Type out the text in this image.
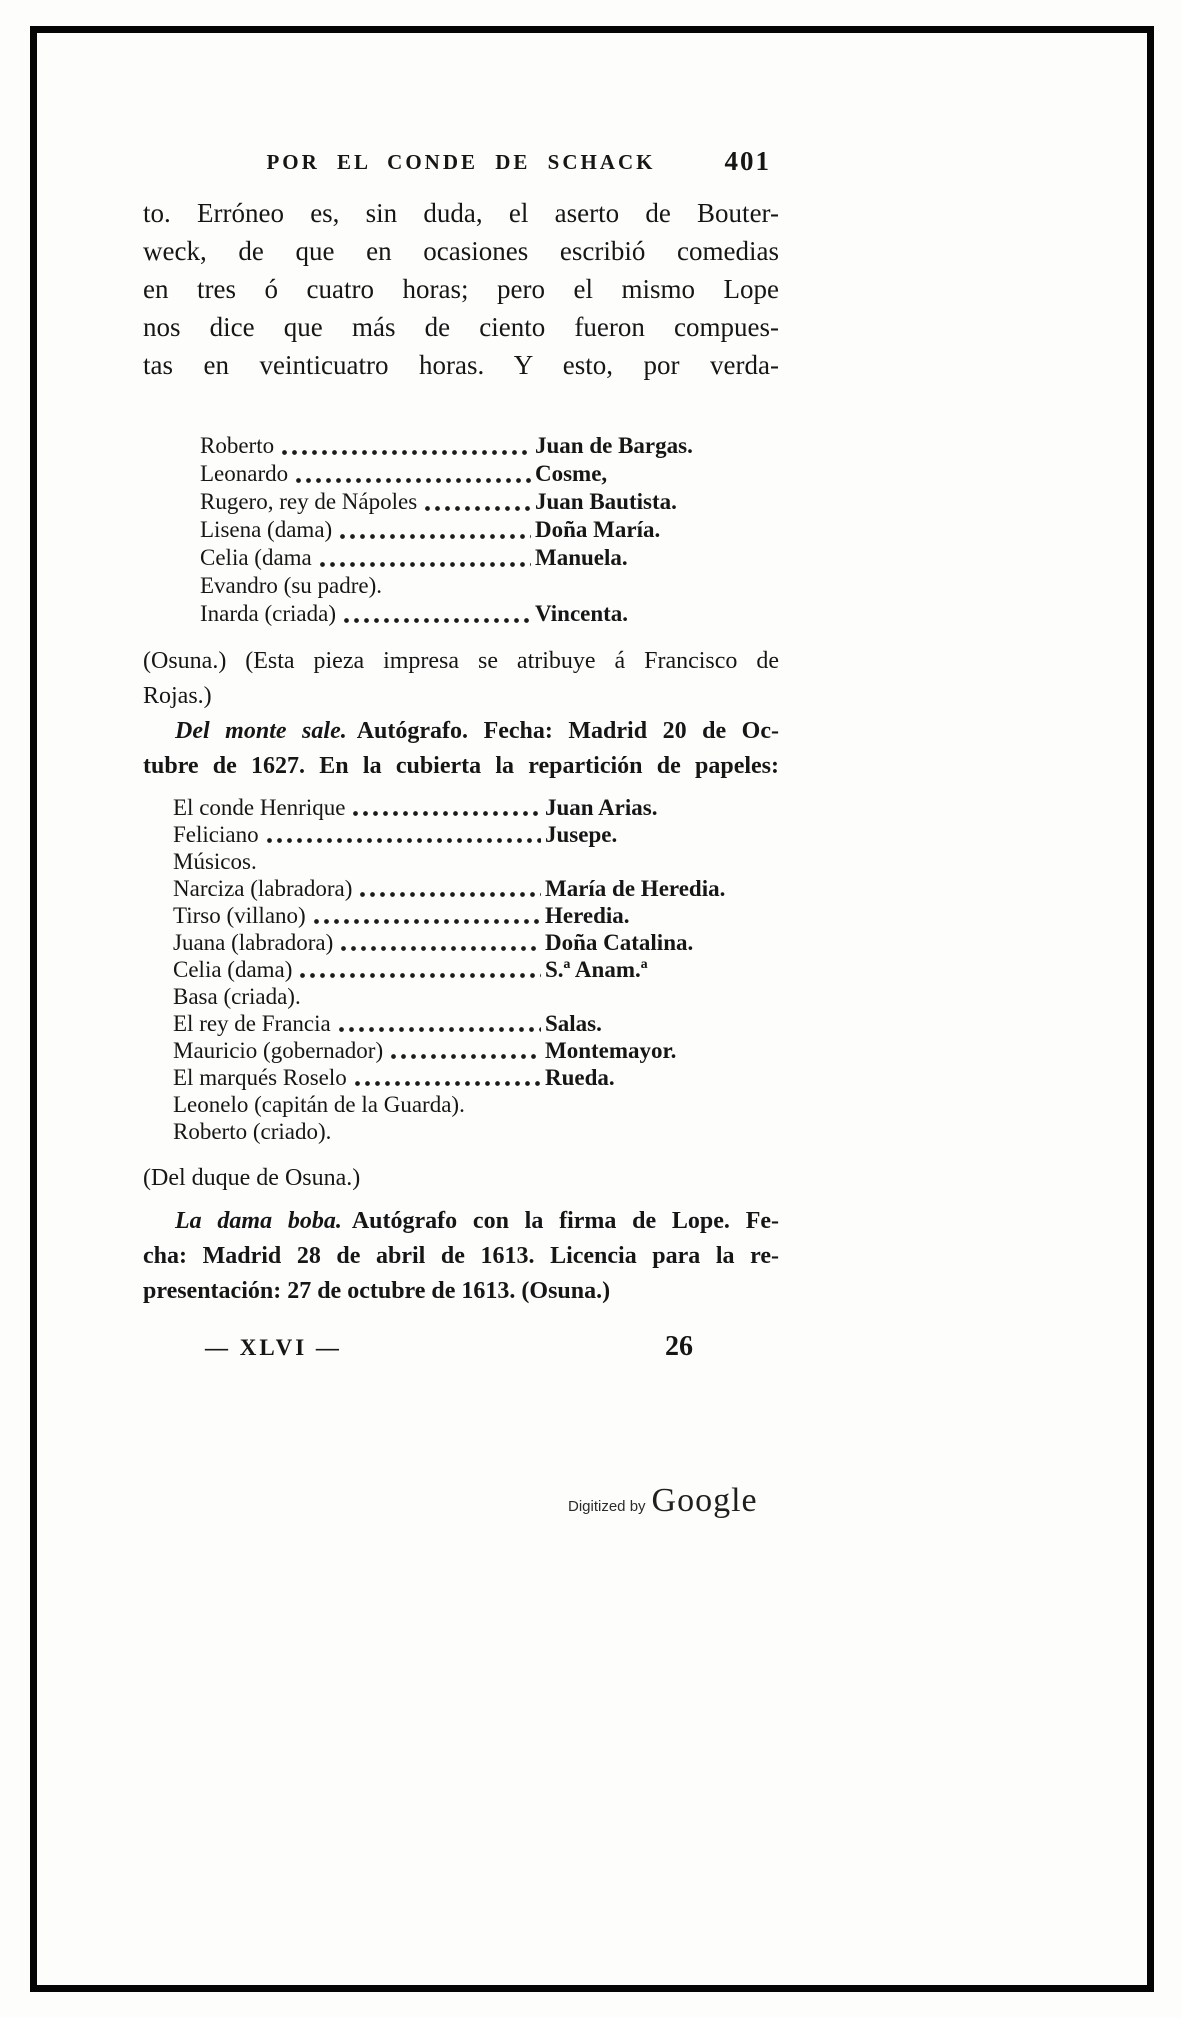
POR EL CONDE DE SCHACK	401
to. Erróneo es, sin duda, el aserto de Bouter-
weck, de que en ocasiones escribió comedias
en tres ó cuatro horas; pero el mismo Lope
nos dice que más de ciento fueron compues-
tas en veinticuatro horas. Y esto, por verda-
Roberto	Juan de Bargas.
Leonardo	Cosme,
Rugero, rey de Nápoles	Juan Bautista.
Lisena (dama)	Doña María.
Celia (dama	Manuela.
Evandro (su padre).
Inarda (criada)	Vincenta.
(Osuna.) (Esta pieza impresa se atribuye á Francisco de
Rojas.)
Del monte sale. Autógrafo. Fecha: Madrid 20 de Oc-
tubre de 1627. En la cubierta la repartición de papeles:
El conde Henrique	Juan Arias.
Feliciano	Jusepe.
Músicos.
Narciza (labradora)	María de Heredia.
Tirso (villano)	Heredia.
Juana (labradora)	Doña Catalina.
Celia (dama)	S.ª Anam.ª
Basa (criada).
El rey de Francia	Salas.
Mauricio (gobernador)	Montemayor.
El marqués Roselo	Rueda.
Leonelo (capitán de la Guarda).
Roberto (criado).
(Del duque de Osuna.)
La dama boba. Autógrafo con la firma de Lope. Fe-
cha: Madrid 28 de abril de 1613. Licencia para la re-
presentación: 27 de octubre de 1613. (Osuna.)
— XLVI —	26
Digitized by Google
